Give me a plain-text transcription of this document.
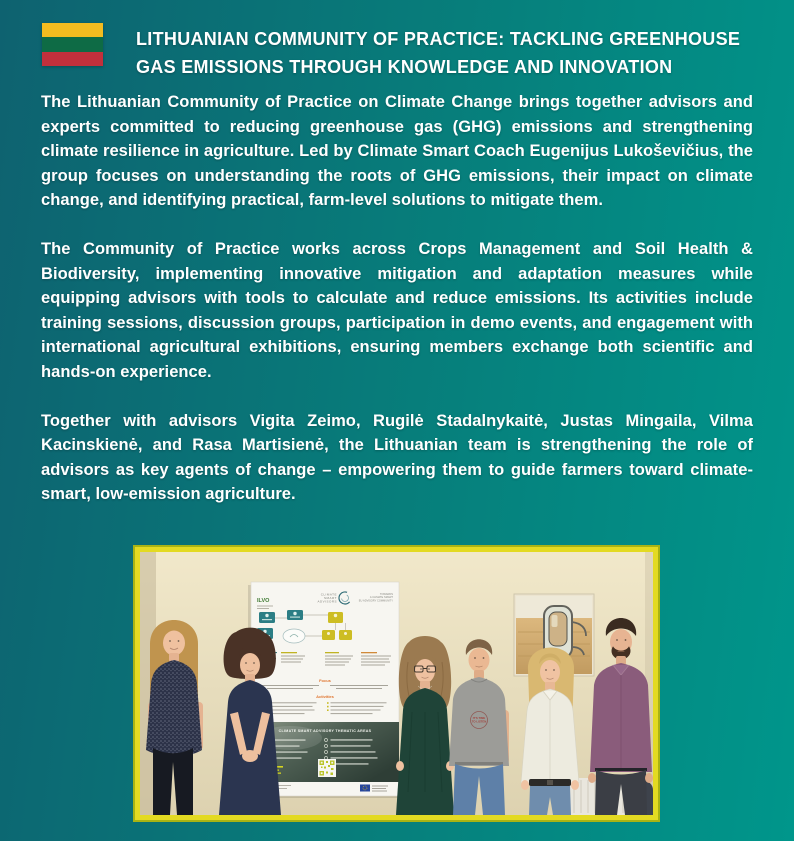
LITHUANIAN COMMUNITY OF PRACTICE: TACKLING GREENHOUSE
GAS EMISSIONS THROUGH KNOWLEDGE AND INNOVATION

The Lithuanian Community of Practice on Climate Change brings together advisors and experts committed to reducing greenhouse gas (GHG) emissions and strengthening climate resilience in agriculture. Led by Climate Smart Coach Eugenijus Lukoševičius, the group focuses on understanding the roots of GHG emissions, their impact on climate change, and identifying practical, farm-level solutions to mitigate them.

The Community of Practice works across Crops Management and Soil Health & Biodiversity, implementing innovative mitigation and adaptation measures while equipping advisors with tools to calculate and reduce emissions. Its activities include training sessions, discussion groups, participation in demo events, and engagement with international agricultural exhibitions, ensuring members exchange both scientific and hands-on experience.

Together with advisors Vigita Zeimo, Rugilė Stadalnykaitė, Justas Mingaila, Vilma Kacinskienė, and Rasa Martisienė, the Lithuanian team is strengthening the role of advisors as key agents of change – empowering them to guide farmers toward climate-smart, low-emission agriculture.

ILVO
CLIMATE
SMART
ADVISORS
TOWARDS
A CLIMATE SMART
EU ADVISORY COMMUNITY
Focus
Activities
CLIMATE SMART ADVISORY THEMATIC AREAS
IT'S TIME
TO LISTEN
